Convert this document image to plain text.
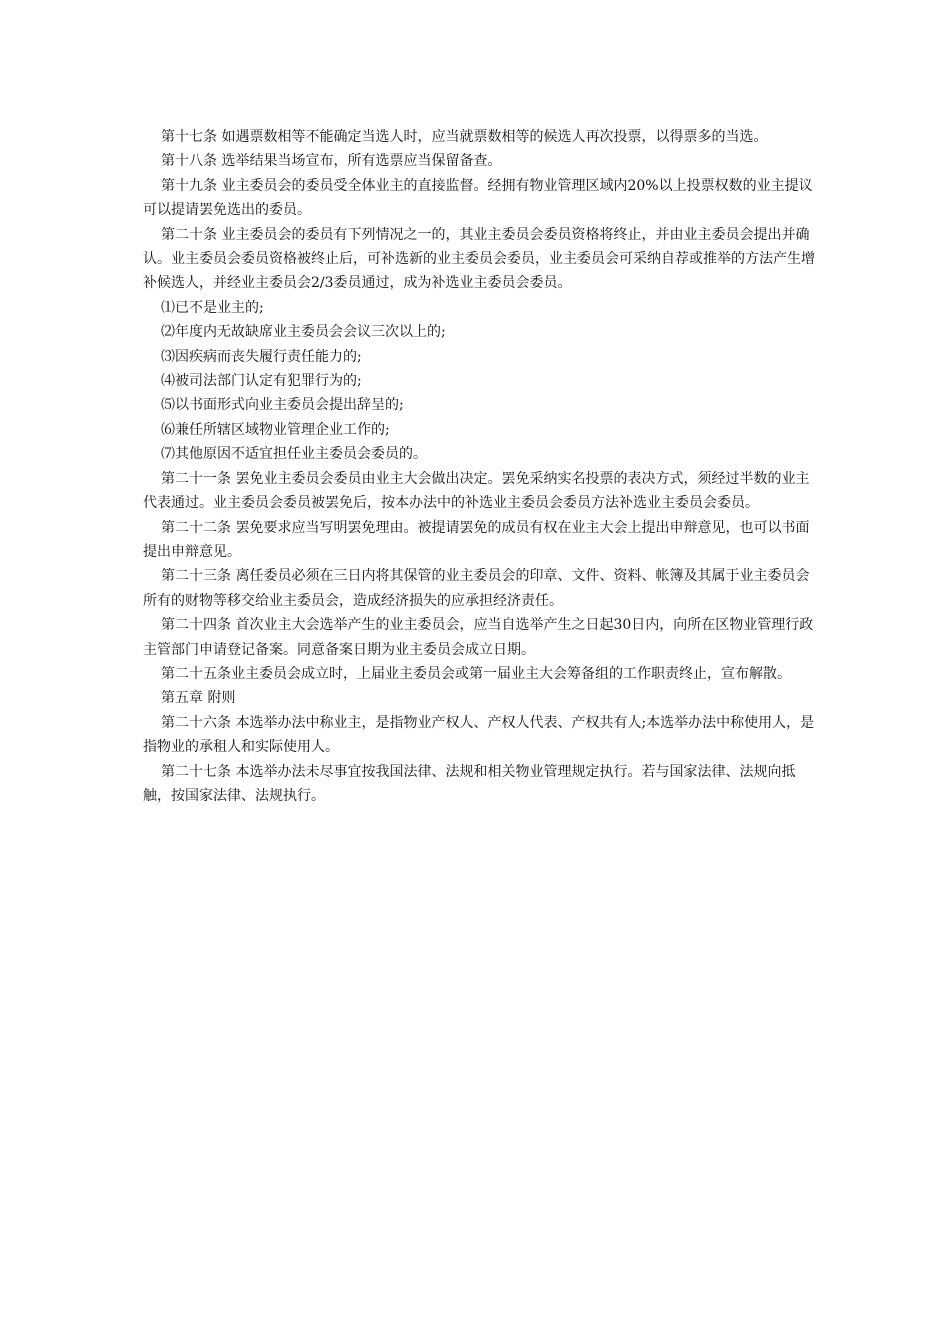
第十七条 如遇票数相等不能确定当选人时，应当就票数相等的候选人再次投票，以得票多的当选。

第十八条 选举结果当场宣布，所有选票应当保留备查。

第十九条 业主委员会的委员受全体业主的直接监督。经拥有物业管理区域内20%以上投票权数的业主提议可以提请罢免选出的委员。

第二十条 业主委员会的委员有下列情况之一的，其业主委员会委员资格将终止，并由业主委员会提出并确认。业主委员会委员资格被终止后，可补选新的业主委员会委员，业主委员会可采纳自荐或推举的方法产生增补候选人，并经业主委员会2/3委员通过，成为补选业主委员会委员。

⑴已不是业主的;

⑵年度内无故缺席业主委员会会议三次以上的;

⑶因疾病而丧失履行责任能力的;

⑷被司法部门认定有犯罪行为的;

⑸以书面形式向业主委员会提出辞呈的;

⑹兼任所辖区域物业管理企业工作的;

⑺其他原因不适宜担任业主委员会委员的。

第二十一条 罢免业主委员会委员由业主大会做出决定。罢免采纳实名投票的表决方式，须经过半数的业主代表通过。业主委员会委员被罢免后，按本办法中的补选业主委员会委员方法补选业主委员会委员。

第二十二条 罢免要求应当写明罢免理由。被提请罢免的成员有权在业主大会上提出申辩意见，也可以书面提出申辩意见。

第二十三条 离任委员必须在三日内将其保管的业主委员会的印章、文件、资料、帐簿及其属于业主委员会所有的财物等移交给业主委员会，造成经济损失的应承担经济责任。

第二十四条 首次业主大会选举产生的业主委员会，应当自选举产生之日起30日内，向所在区物业管理行政主管部门申请登记备案。同意备案日期为业主委员会成立日期。

第二十五条业主委员会成立时，上届业主委员会或第一届业主大会筹备组的工作职责终止，宣布解散。

第五章 附则

第二十六条 本选举办法中称业主，是指物业产权人、产权人代表、产权共有人;本选举办法中称使用人，是指物业的承租人和实际使用人。

第二十七条 本选举办法未尽事宜按我国法律、法规和相关物业管理规定执行。若与国家法律、法规向抵触，按国家法律、法规执行。
